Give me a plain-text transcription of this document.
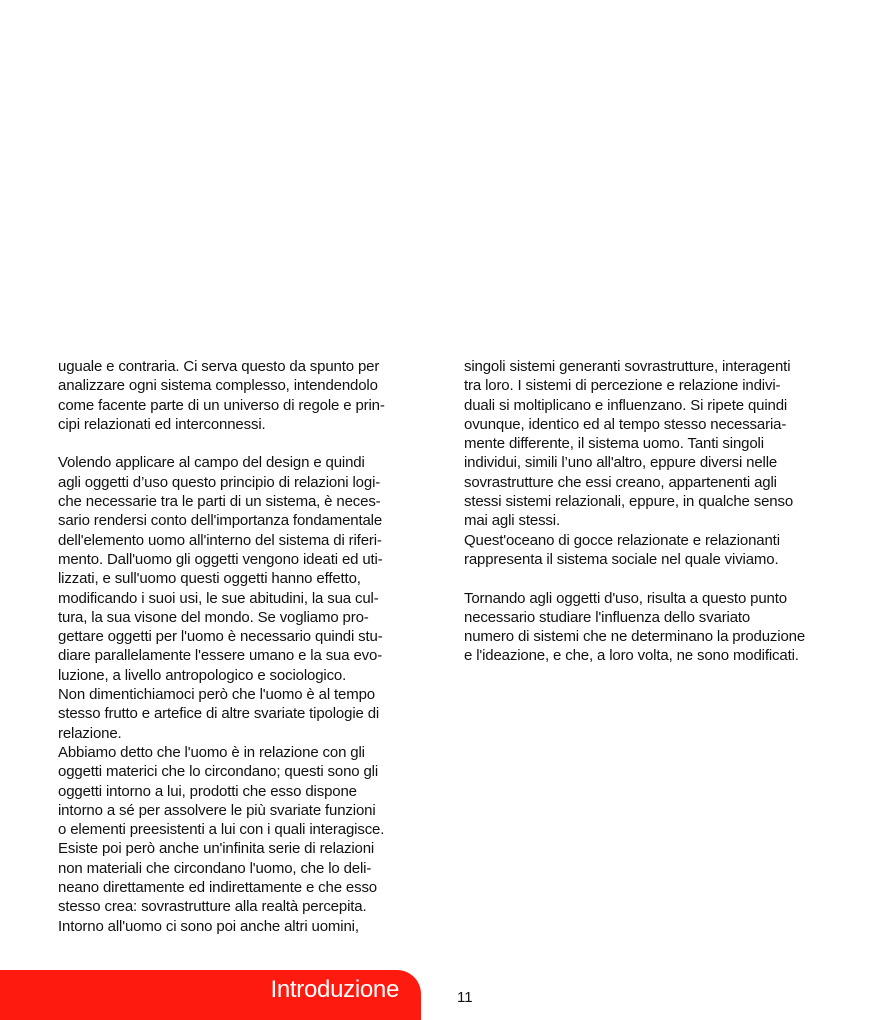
uguale e contraria. Ci serva questo da spunto per
analizzare ogni sistema complesso, intendendolo
come facente parte di un universo di regole e prin-
cipi relazionati ed interconnessi.
Volendo applicare al campo del design e quindi
agli oggetti d’uso questo principio di relazioni logi-
che necessarie tra le parti di un sistema, è neces-
sario rendersi conto dell'importanza fondamentale
dell'elemento uomo all'interno del sistema di riferi-
mento. Dall'uomo gli oggetti vengono ideati ed uti-
lizzati, e sull'uomo questi oggetti hanno effetto,
modificando i suoi usi, le sue abitudini, la sua cul-
tura, la sua visone del mondo. Se vogliamo pro-
gettare oggetti per l'uomo è necessario quindi stu-
diare parallelamente l'essere umano e la sua evo-
luzione, a livello antropologico e sociologico.
Non dimentichiamoci però che l'uomo è al tempo
stesso frutto e artefice di altre svariate tipologie di
relazione.
Abbiamo detto che l'uomo è in relazione con gli
oggetti materici che lo circondano; questi sono gli
oggetti intorno a lui, prodotti che esso dispone
intorno a sé per assolvere le più svariate funzioni
o elementi preesistenti a lui con i quali interagisce.
Esiste poi però anche un'infinita serie di relazioni
non materiali che circondano l'uomo, che lo deli-
neano direttamente ed indirettamente e che esso
stesso crea: sovrastrutture alla realtà percepita.
Intorno all'uomo ci sono poi anche altri uomini,
singoli sistemi generanti sovrastrutture, interagenti
tra loro. I sistemi di percezione e relazione indivi-
duali si moltiplicano e influenzano. Si ripete quindi
ovunque, identico ed al tempo stesso necessaria-
mente differente, il sistema uomo. Tanti singoli
individui, simili l’uno all'altro, eppure diversi nelle
sovrastrutture che essi creano, appartenenti agli
stessi sistemi relazionali, eppure, in qualche senso
mai agli stessi.
Quest'oceano di gocce relazionate e relazionanti
rappresenta il sistema sociale nel quale viviamo.
Tornando agli oggetti d'uso, risulta a questo punto
necessario studiare l'influenza dello svariato
numero di sistemi che ne determinano la produzione
e l'ideazione, e che, a loro volta, ne sono modificati.
Introduzione	11
